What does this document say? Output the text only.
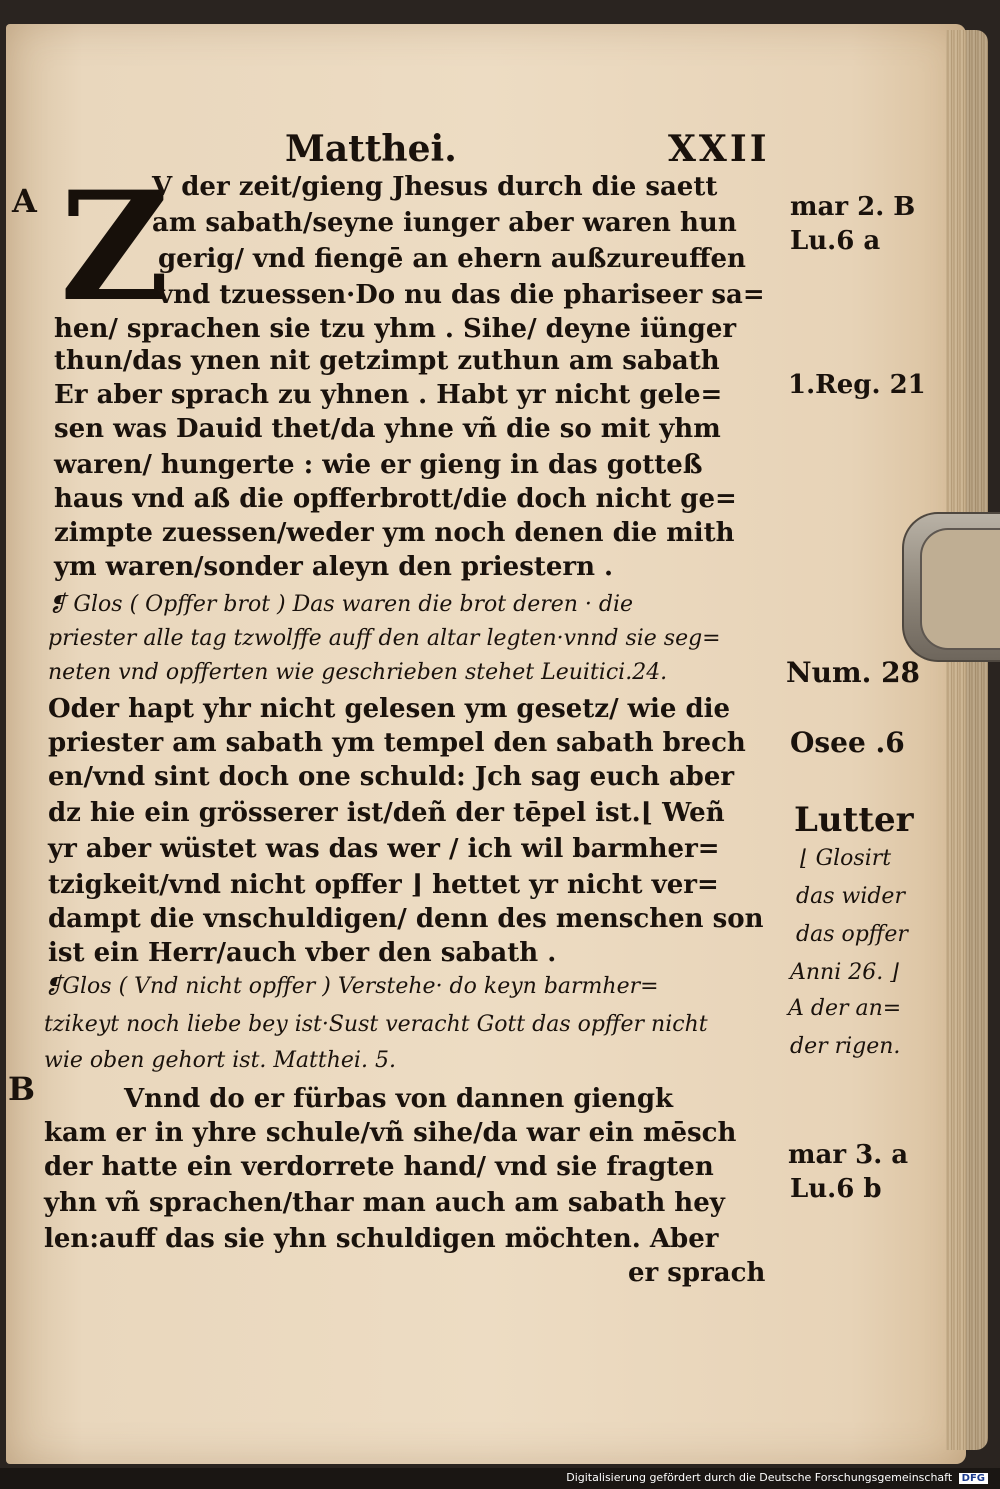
Matthei.	XXII
A Z
V der zeit/gieng Jhesus durch die saett
am sabath/seyne iunger aber waren hun
gerig/ vnd fiengē an ehern außzureuffen
vnd tzuessen·Do nu das die phariseer sa=
hen/ sprachen sie tzu yhm . Sihe/ deyne iünger
thun/das ynen nit getzimpt zuthun am sabath
Er aber sprach zu yhnen . Habt yr nicht gele=
sen was Dauid thet/da yhne vñ die so mit yhm
waren/ hungerte : wie er gieng in das gotteß
haus vnd aß die opfferbrott/die doch nicht ge=
zimpte zuessen/weder ym noch denen die mith
ym waren/sonder aleyn den priestern .
❡ Glos ( Opffer brot ) Das waren die brot deren · die
priester alle tag tzwolffe auff den altar legten·vnnd sie seg=
neten vnd opfferten wie geschrieben stehet Leuitici.24.
Oder hapt yhr nicht gelesen ym gesetz/ wie die
priester am sabath ym tempel den sabath brech
en/vnd sint doch one schuld: Jch sag euch aber
dz hie ein grösserer ist/deñ der tēpel ist.⌊ Weñ
yr aber wüstet was das wer / ich wil barmher=
tzigkeit/vnd nicht opffer ⌋ hettet yr nicht ver=
dampt die vnschuldigen/ denn des menschen son
ist ein Herr/auch vber den sabath .
❡Glos ( Vnd nicht opffer ) Verstehe· do keyn barmher=
tzikeyt noch liebe bey ist·Sust veracht Gott das opffer nicht
wie oben gehort ist. Matthei. 5.
B	Vnnd do er fürbas von dannen giengk
kam er in yhre schule/vñ sihe/da war ein mēsch
der hatte ein verdorrete hand/ vnd sie fragten
yhn vñ sprachen/thar man auch am sabath hey
len:auff das sie yhn schuldigen möchten. Aber
er sprach
mar 2. B
Lu.6 a
1.Reg. 21
Num. 28
Osee .6
Lutter
⌊ Glosirt
das wider
das opffer
Anni 26. ⌋
A der an=
der rigen.
mar 3. a
Lu.6 b
Digitalisierung gefördert durch die Deutsche Forschungsgemeinschaft DFG
